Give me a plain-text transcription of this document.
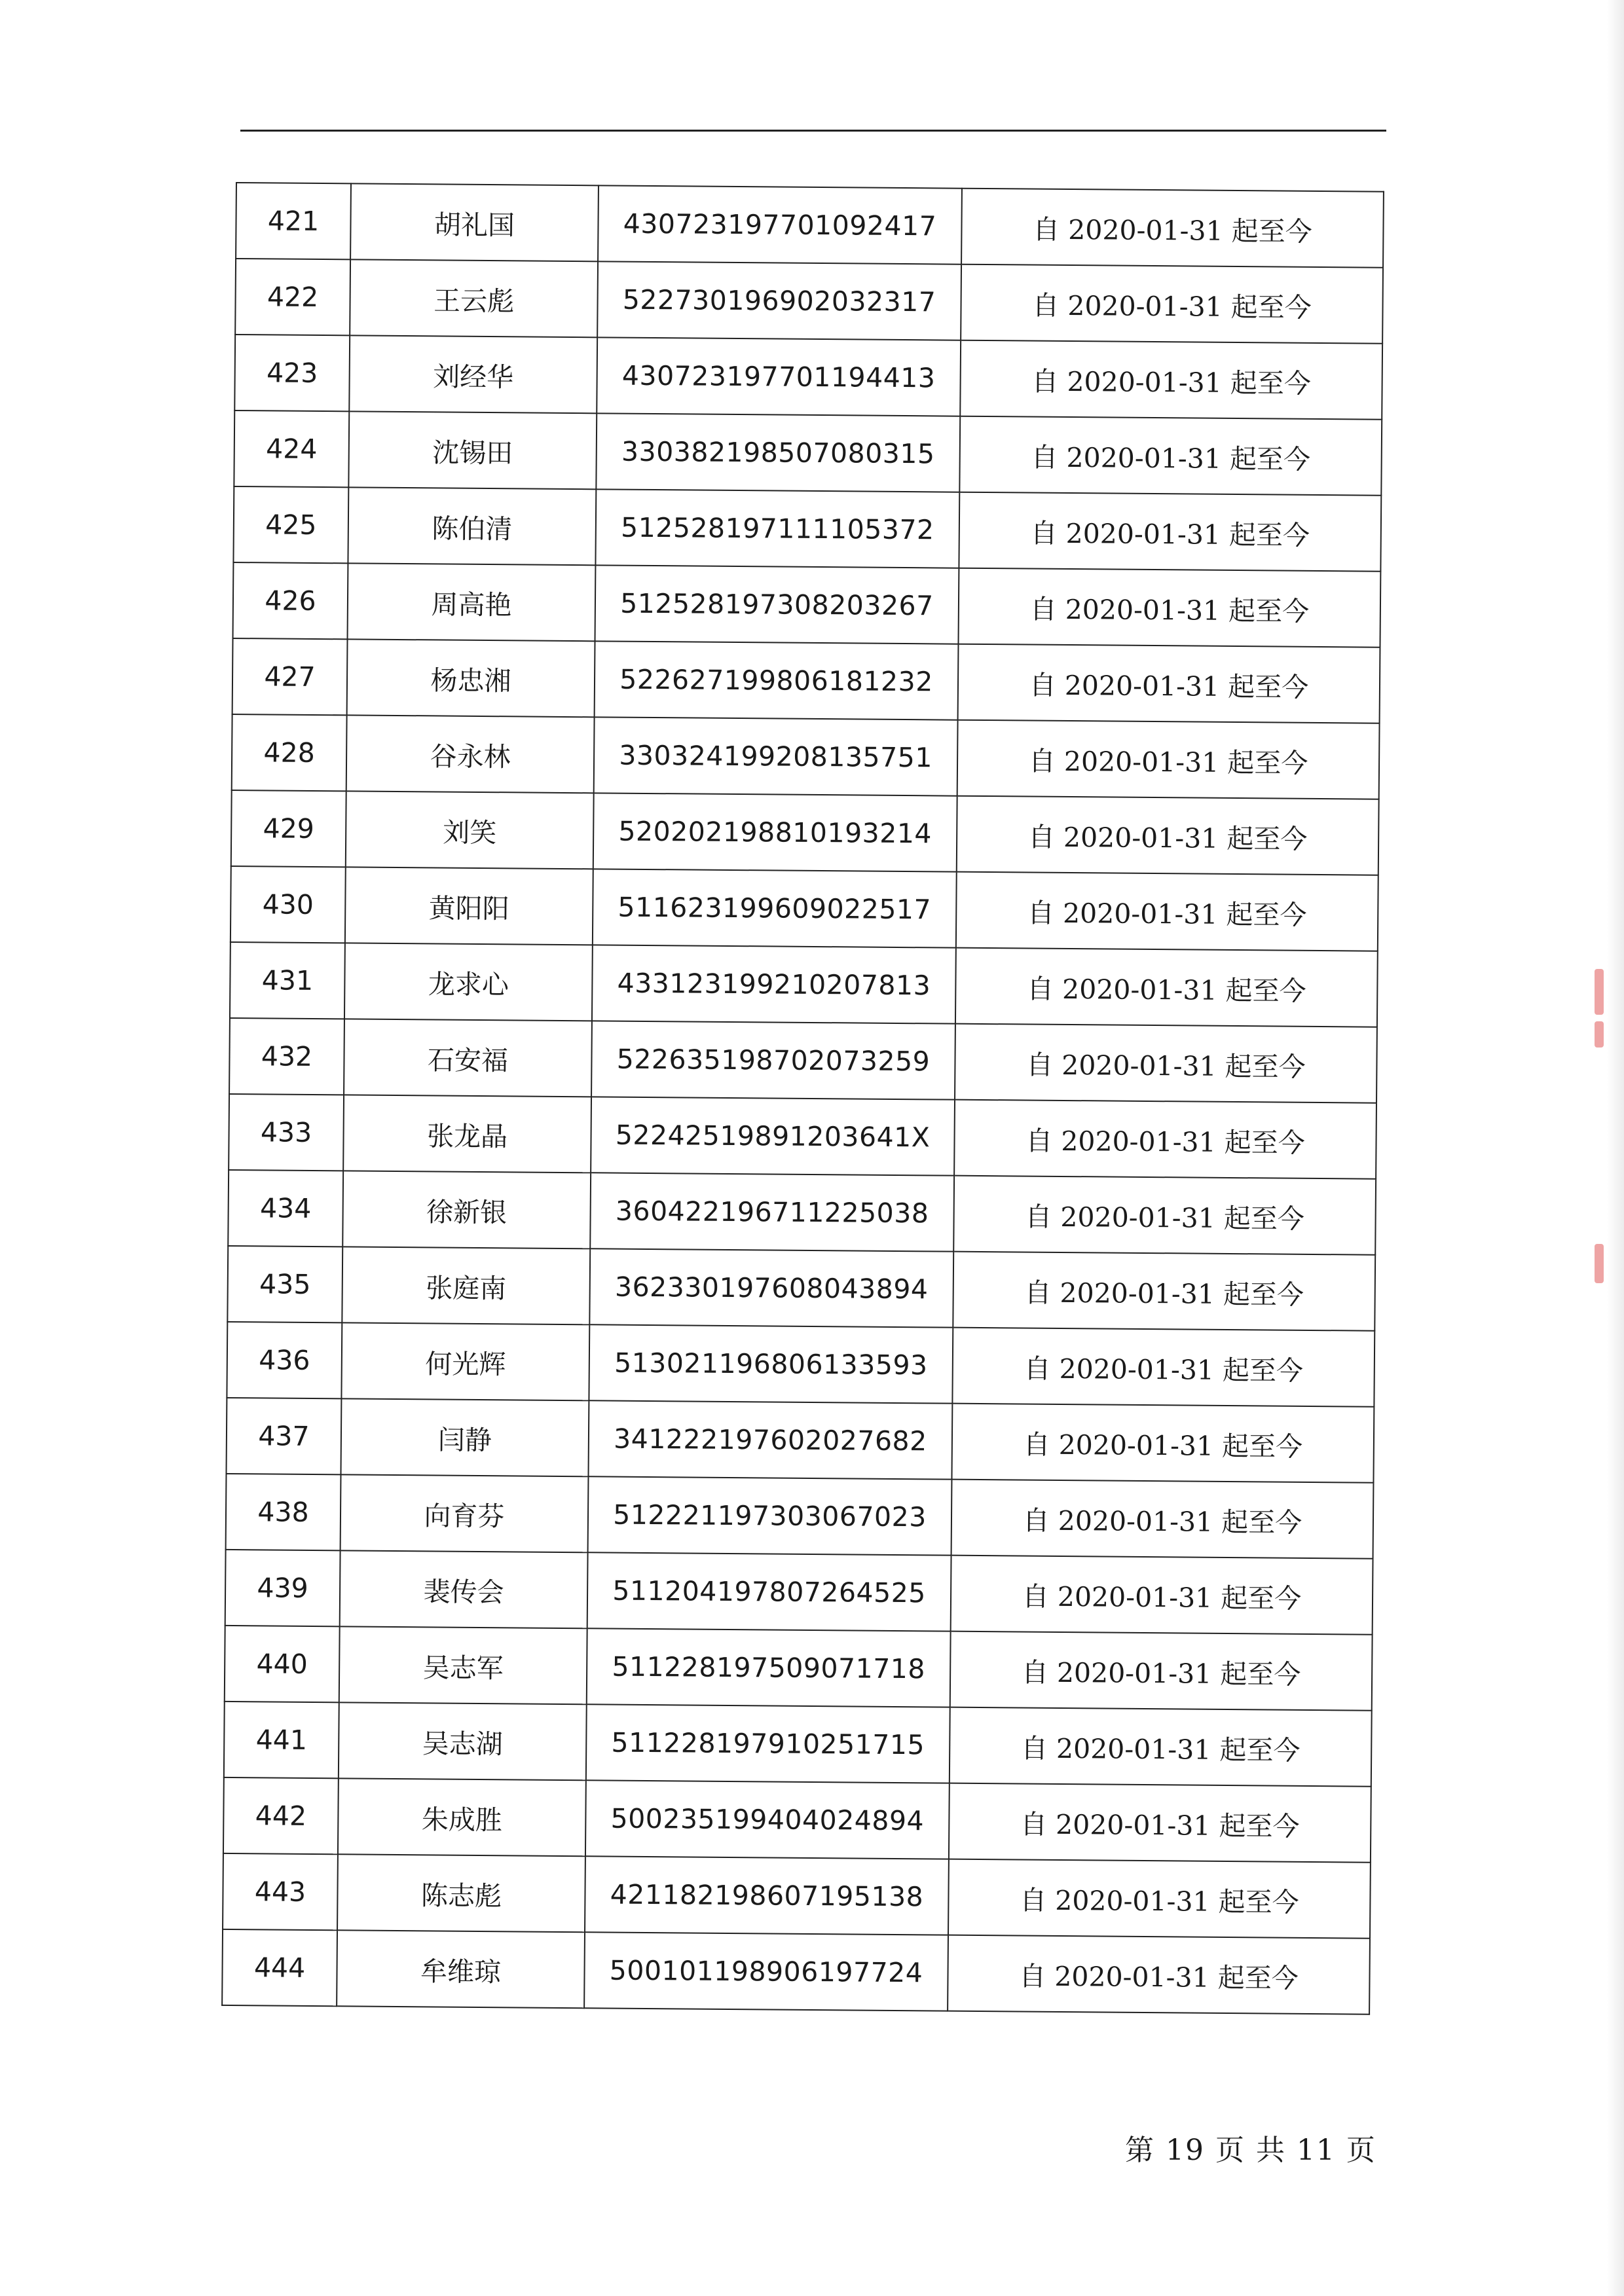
421	胡礼国	430723197701092417	自 2020-01-31 起至今
422	王云彪	522730196902032317	自 2020-01-31 起至今
423	刘经华	430723197701194413	自 2020-01-31 起至今
424	沈锡田	330382198507080315	自 2020-01-31 起至今
425	陈伯清	512528197111105372	自 2020-01-31 起至今
426	周高艳	512528197308203267	自 2020-01-31 起至今
427	杨忠湘	522627199806181232	自 2020-01-31 起至今
428	谷永林	330324199208135751	自 2020-01-31 起至今
429	刘笑	520202198810193214	自 2020-01-31 起至今
430	黄阳阳	511623199609022517	自 2020-01-31 起至今
431	龙求心	433123199210207813	自 2020-01-31 起至今
432	石安福	522635198702073259	自 2020-01-31 起至今
433	张龙晶	52242519891203641X	自 2020-01-31 起至今
434	徐新银	360422196711225038	自 2020-01-31 起至今
435	张庭南	362330197608043894	自 2020-01-31 起至今
436	何光辉	513021196806133593	自 2020-01-31 起至今
437	闫静	341222197602027682	自 2020-01-31 起至今
438	向育芬	512221197303067023	自 2020-01-31 起至今
439	裴传会	511204197807264525	自 2020-01-31 起至今
440	吴志军	511228197509071718	自 2020-01-31 起至今
441	吴志湖	511228197910251715	自 2020-01-31 起至今
442	朱成胜	500235199404024894	自 2020-01-31 起至今
443	陈志彪	421182198607195138	自 2020-01-31 起至今
444	牟维琼	500101198906197724	自 2020-01-31 起至今
第 19 页 共 11 页
